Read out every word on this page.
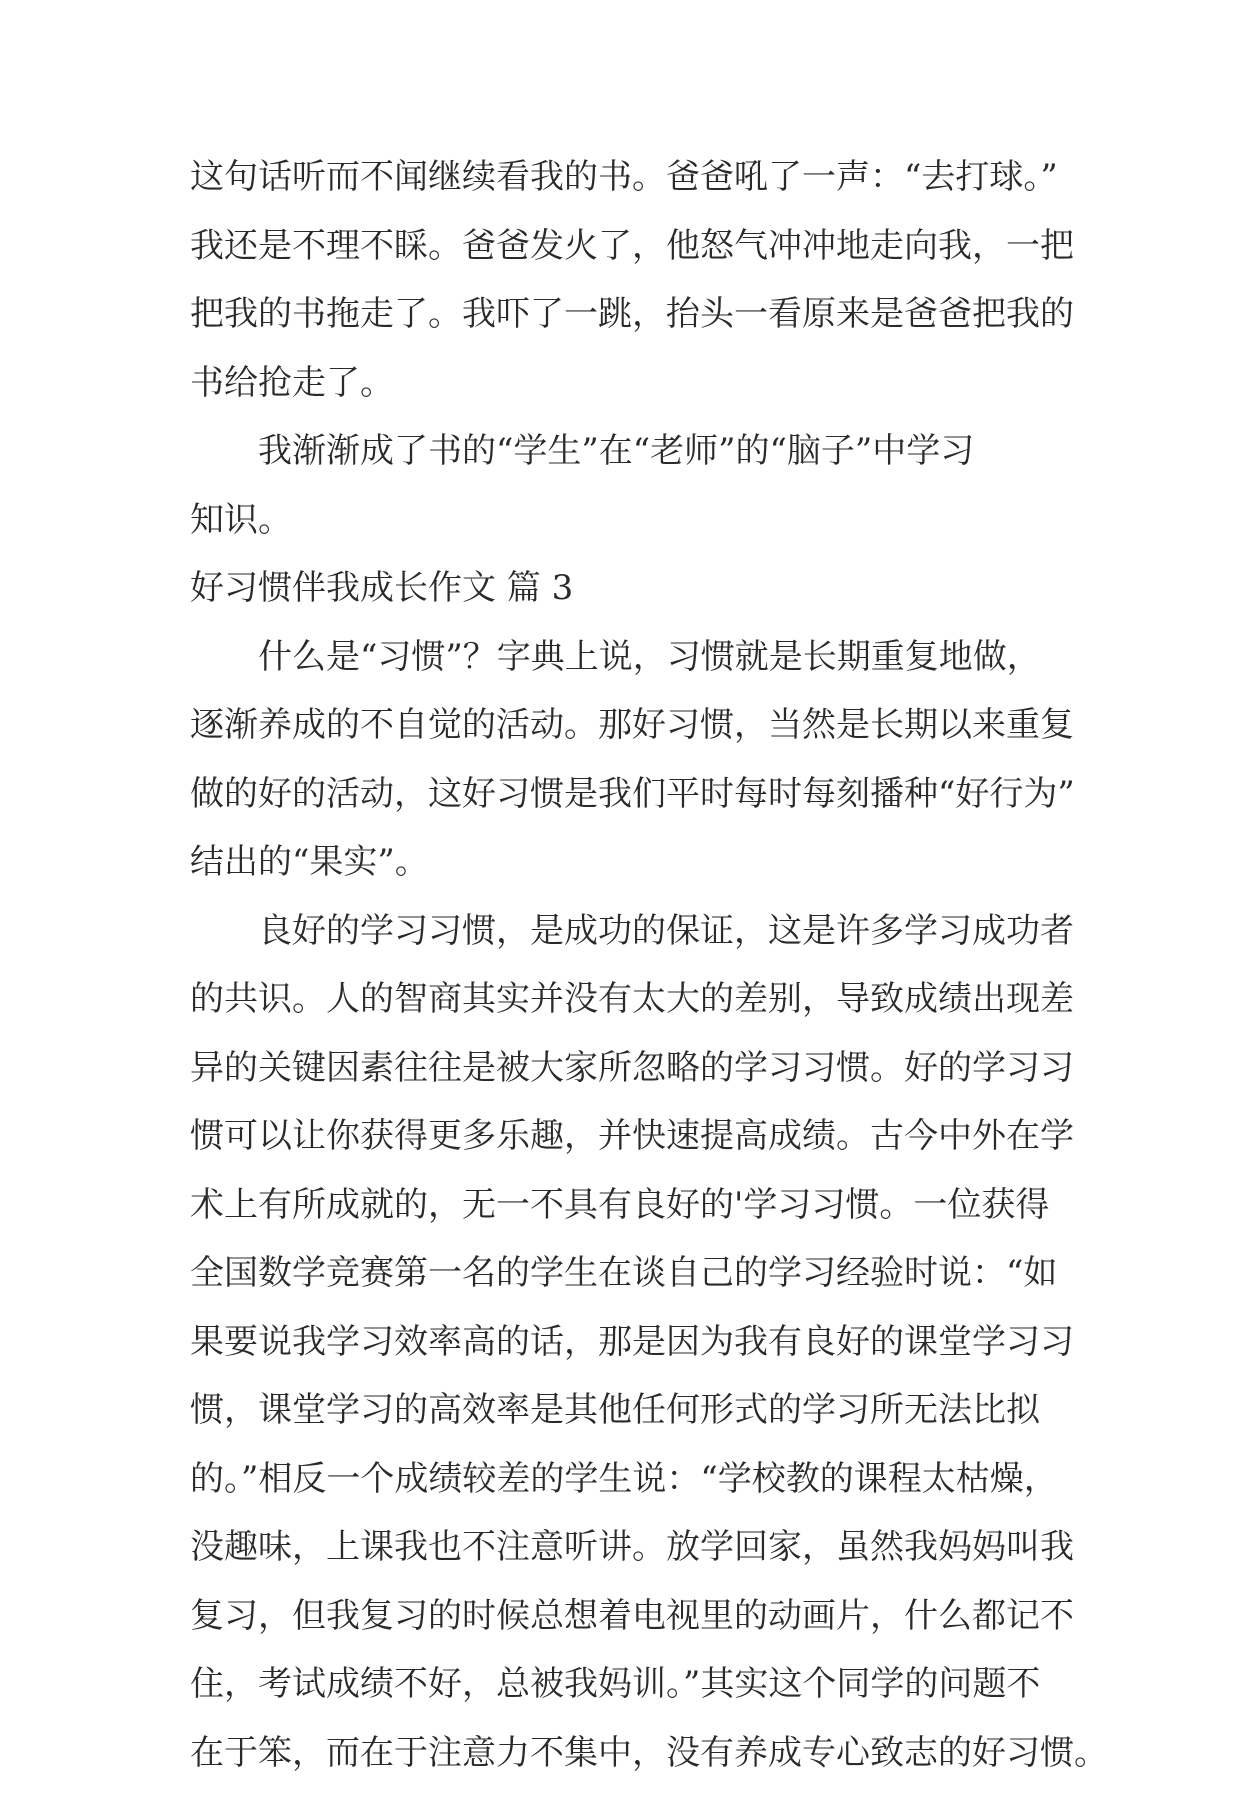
这句话听而不闻继续看我的书。爸爸吼了一声：“去打球。”
我还是不理不睬。爸爸发火了，他怒气冲冲地走向我，一把
把我的书拖走了。我吓了一跳，抬头一看原来是爸爸把我的
书给抢走了。
我渐渐成了书的“学生”在“老师”的“脑子”中学习
知识。
好习惯伴我成长作文 篇 3
什么是“习惯”？字典上说，习惯就是长期重复地做，
逐渐养成的不自觉的活动。那好习惯，当然是长期以来重复
做的好的活动，这好习惯是我们平时每时每刻播种“好行为”
结出的“果实”。
良好的学习习惯，是成功的保证，这是许多学习成功者
的共识。人的智商其实并没有太大的差别，导致成绩出现差
异的关键因素往往是被大家所忽略的学习习惯。好的学习习
惯可以让你获得更多乐趣，并快速提高成绩。古今中外在学
术上有所成就的，无一不具有良好的'学习习惯。一位获得
全国数学竞赛第一名的学生在谈自己的学习经验时说：“如
果要说我学习效率高的话，那是因为我有良好的课堂学习习
惯，课堂学习的高效率是其他任何形式的学习所无法比拟
的。”相反一个成绩较差的学生说：“学校教的课程太枯燥，
没趣味，上课我也不注意听讲。放学回家，虽然我妈妈叫我
复习，但我复习的时候总想着电视里的动画片，什么都记不
住，考试成绩不好，总被我妈训。”其实这个同学的问题不
在于笨，而在于注意力不集中，没有养成专心致志的好习惯。
